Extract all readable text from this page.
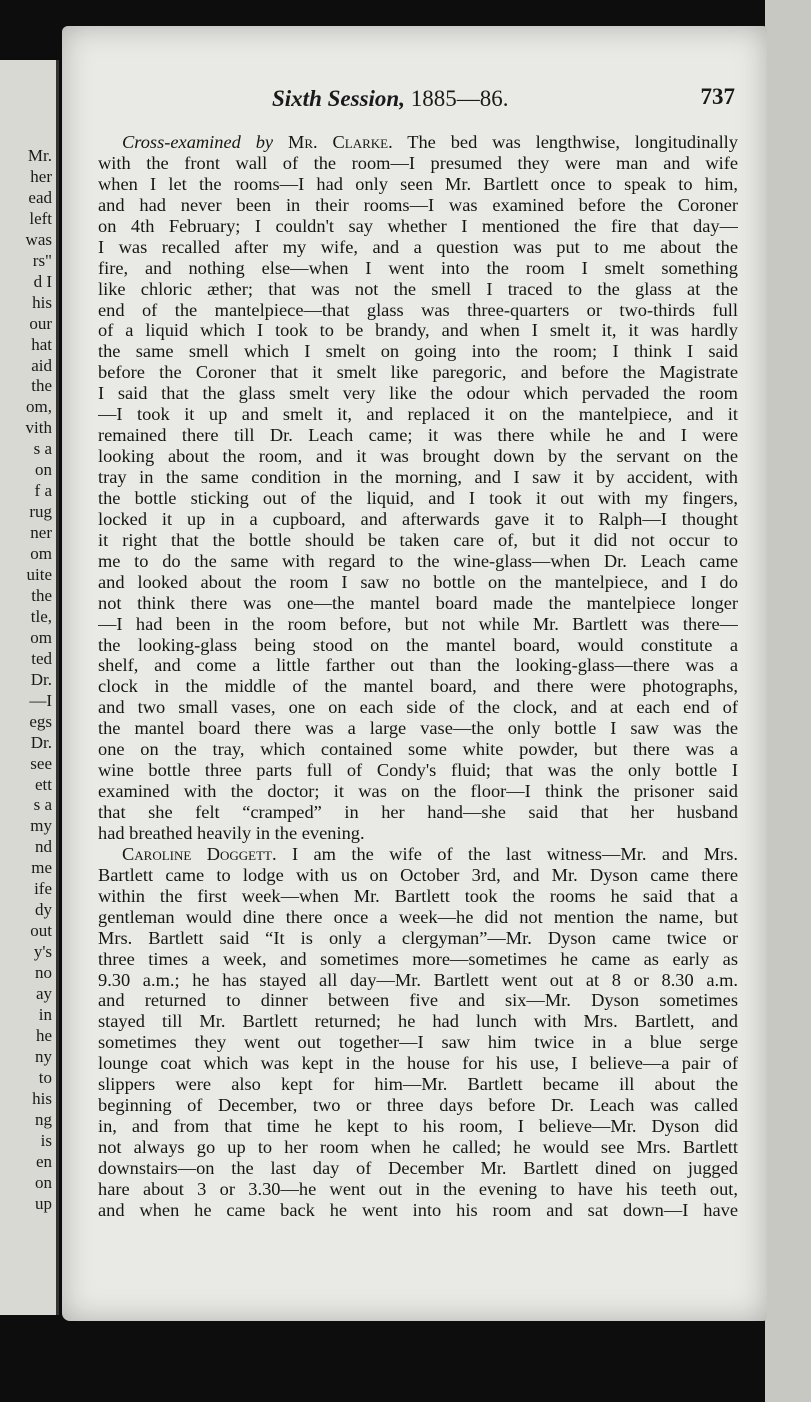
Mr.
her
ead
left
was
rs"
d I
his
our
hat
aid
the
om,
vith
s a
on
f a
rug
ner
om
uite
the
tle,
om
ted
Dr.
—I
egs
Dr.
see
ett
s a
my
nd
me
ife
dy
out
y's
no
ay
in
he
ny
to
his
ng
is
en
on
up
Sixth Session, 1885—86.	737
Cross-examined by Mr. Clarke. The bed was lengthwise, longitudinally
with the front wall of the room—I presumed they were man and wife
when I let the rooms—I had only seen Mr. Bartlett once to speak to him,
and had never been in their rooms—I was examined before the Coroner
on 4th February; I couldn't say whether I mentioned the fire that day—
I was recalled after my wife, and a question was put to me about the
fire, and nothing else—when I went into the room I smelt something
like chloric æther; that was not the smell I traced to the glass at the
end of the mantelpiece—that glass was three-quarters or two-thirds full
of a liquid which I took to be brandy, and when I smelt it, it was hardly
the same smell which I smelt on going into the room; I think I said
before the Coroner that it smelt like paregoric, and before the Magistrate
I said that the glass smelt very like the odour which pervaded the room
—I took it up and smelt it, and replaced it on the mantelpiece, and it
remained there till Dr. Leach came; it was there while he and I were
looking about the room, and it was brought down by the servant on the
tray in the same condition in the morning, and I saw it by accident, with
the bottle sticking out of the liquid, and I took it out with my fingers,
locked it up in a cupboard, and afterwards gave it to Ralph—I thought
it right that the bottle should be taken care of, but it did not occur to
me to do the same with regard to the wine-glass—when Dr. Leach came
and looked about the room I saw no bottle on the mantelpiece, and I do
not think there was one—the mantel board made the mantelpiece longer
—I had been in the room before, but not while Mr. Bartlett was there—
the looking-glass being stood on the mantel board, would constitute a
shelf, and come a little farther out than the looking-glass—there was a
clock in the middle of the mantel board, and there were photographs,
and two small vases, one on each side of the clock, and at each end of
the mantel board there was a large vase—the only bottle I saw was the
one on the tray, which contained some white powder, but there was a
wine bottle three parts full of Condy's fluid; that was the only bottle I
examined with the doctor; it was on the floor—I think the prisoner said
that she felt “cramped” in her hand—she said that her husband
had breathed heavily in the evening.
Caroline Doggett. I am the wife of the last witness—Mr. and Mrs.
Bartlett came to lodge with us on October 3rd, and Mr. Dyson came there
within the first week—when Mr. Bartlett took the rooms he said that a
gentleman would dine there once a week—he did not mention the name, but
Mrs. Bartlett said “It is only a clergyman”—Mr. Dyson came twice or
three times a week, and sometimes more—sometimes he came as early as
9.30 a.m.; he has stayed all day—Mr. Bartlett went out at 8 or 8.30 a.m.
and returned to dinner between five and six—Mr. Dyson sometimes
stayed till Mr. Bartlett returned; he had lunch with Mrs. Bartlett, and
sometimes they went out together—I saw him twice in a blue serge
lounge coat which was kept in the house for his use, I believe—a pair of
slippers were also kept for him—Mr. Bartlett became ill about the
beginning of December, two or three days before Dr. Leach was called
in, and from that time he kept to his room, I believe—Mr. Dyson did
not always go up to her room when he called; he would see Mrs. Bartlett
downstairs—on the last day of December Mr. Bartlett dined on jugged
hare about 3 or 3.30—he went out in the evening to have his teeth out,
and when he came back he went into his room and sat down—I have
